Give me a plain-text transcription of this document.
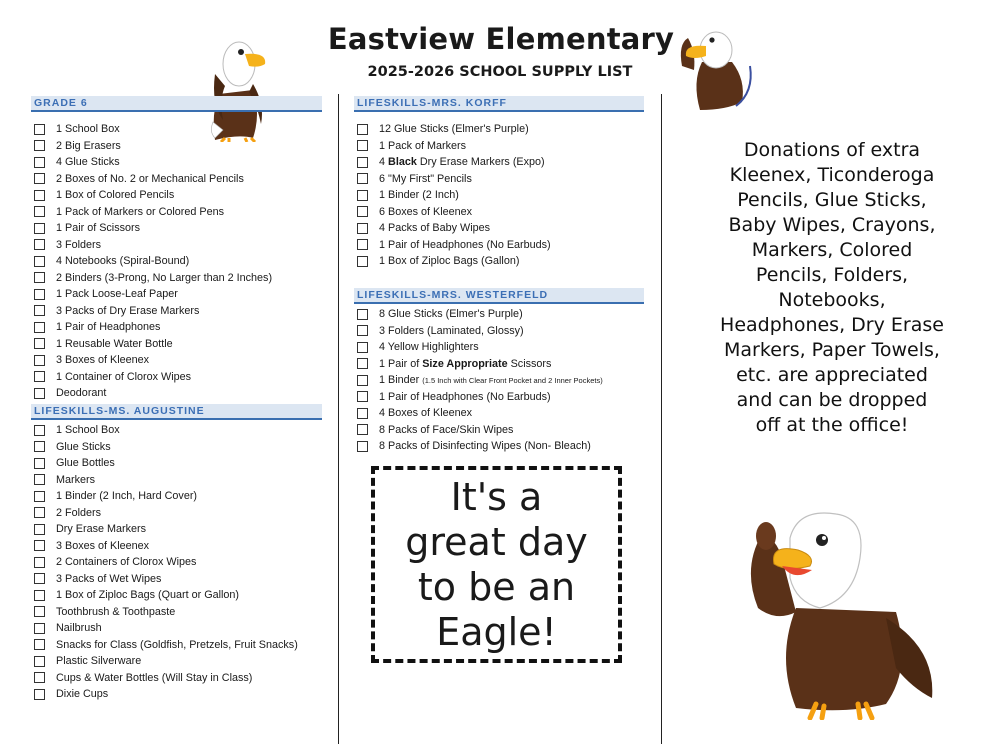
Eastview Elementary
2025-2026 SCHOOL SUPPLY LIST
GRADE 6
1 School Box
2 Big Erasers
4 Glue Sticks
2 Boxes of No. 2 or Mechanical Pencils
1 Box of Colored Pencils
1 Pack of Markers or Colored Pens
1 Pair of Scissors
3 Folders
4 Notebooks (Spiral-Bound)
2 Binders (3-Prong, No Larger than 2 Inches)
1 Pack Loose-Leaf Paper
3 Packs of Dry Erase Markers
1 Pair of Headphones
1 Reusable Water Bottle
3 Boxes of Kleenex
1 Container of Clorox Wipes
Deodorant
LIFESKILLS-MS. AUGUSTINE
1 School Box
Glue Sticks
Glue Bottles
Markers
1 Binder (2 Inch, Hard Cover)
2 Folders
Dry Erase Markers
3 Boxes of Kleenex
2 Containers of Clorox Wipes
3 Packs of Wet Wipes
1 Box of Ziploc Bags (Quart or Gallon)
Toothbrush & Toothpaste
Nailbrush
Snacks for Class (Goldfish, Pretzels, Fruit Snacks)
Plastic Silverware
Cups & Water Bottles (Will Stay in Class)
Dixie Cups
LIFESKILLS-MRS. KORFF
12 Glue Sticks (Elmer's Purple)
1 Pack of Markers
4 Black Dry Erase Markers (Expo)
6 "My First" Pencils
1 Binder (2 Inch)
6 Boxes of Kleenex
4 Packs of Baby Wipes
1 Pair of Headphones (No Earbuds)
1 Box of Ziploc Bags (Gallon)
LIFESKILLS-MRS. WESTERFELD
8 Glue Sticks (Elmer's Purple)
3 Folders (Laminated, Glossy)
4 Yellow Highlighters
1 Pair of Size Appropriate Scissors
1 Binder (1.5 Inch with Clear Front Pocket and 2 Inner Pockets)
1 Pair of Headphones (No Earbuds)
4 Boxes of Kleenex
8 Packs of Face/Skin Wipes
8 Packs of Disinfecting Wipes (Non- Bleach)
It's a
great day
to be an
Eagle!
Donations of extra
Kleenex, Ticonderoga
Pencils, Glue Sticks,
Baby Wipes, Crayons,
Markers, Colored
Pencils, Folders,
Notebooks,
Headphones, Dry Erase
Markers, Paper Towels,
etc. are appreciated
and can be dropped
off at the office!
